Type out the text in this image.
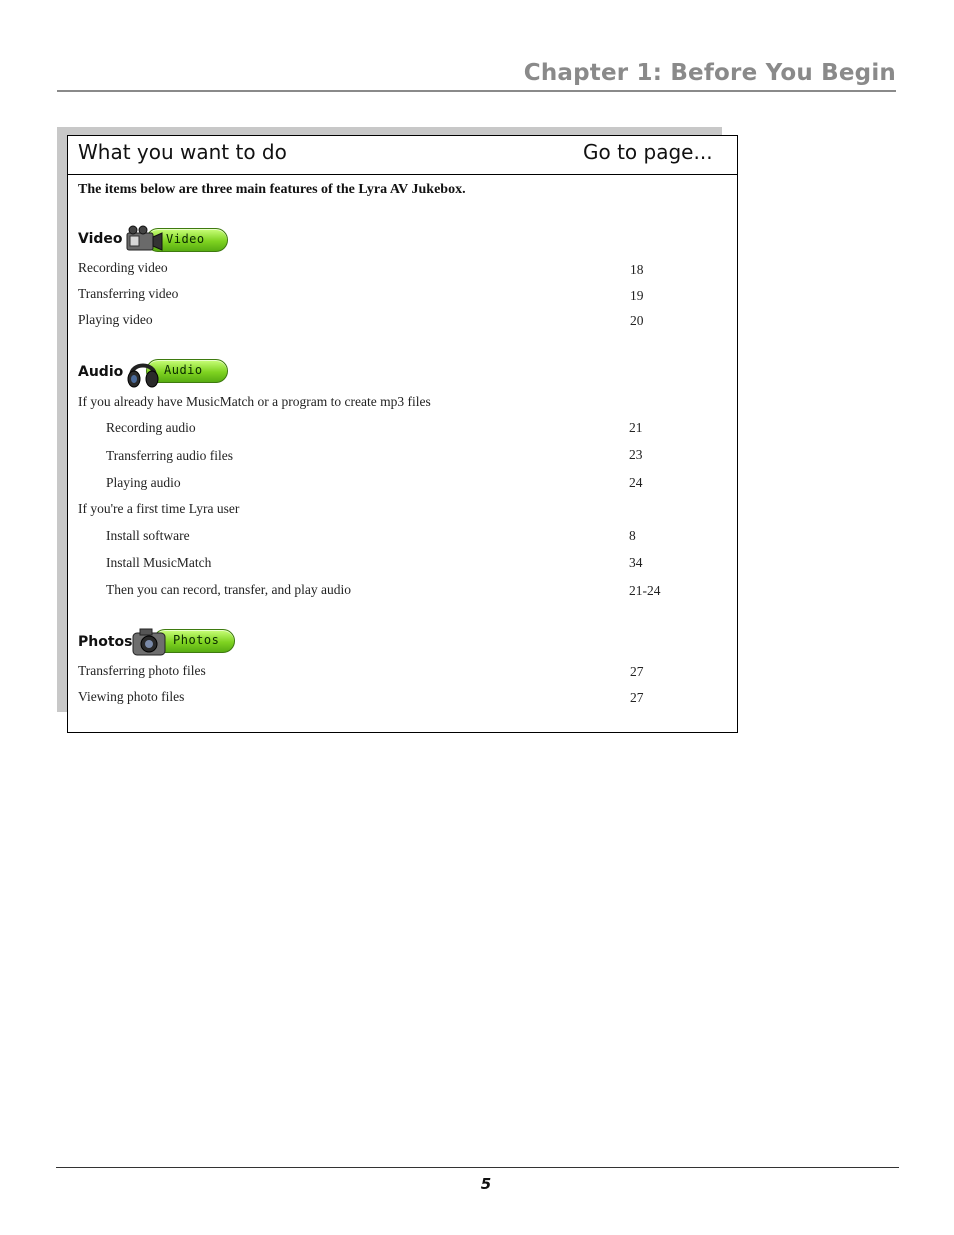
Chapter 1: Before You Begin
What you want to do	Go to page...
The items below are three main features of the Lyra AV Jukebox.
Video	Video
Recording video	18
Transferring video	19
Playing video	20
Audio	Audio
If you already have MusicMatch or a program to create mp3 files
Recording audio	21
Transferring audio files	23
Playing audio	24
If you're a first time Lyra user
Install software	8
Install MusicMatch	34
Then you can record, transfer, and play audio	21-24
Photos	Photos
Transferring photo files	27
Viewing photo files	27
5
